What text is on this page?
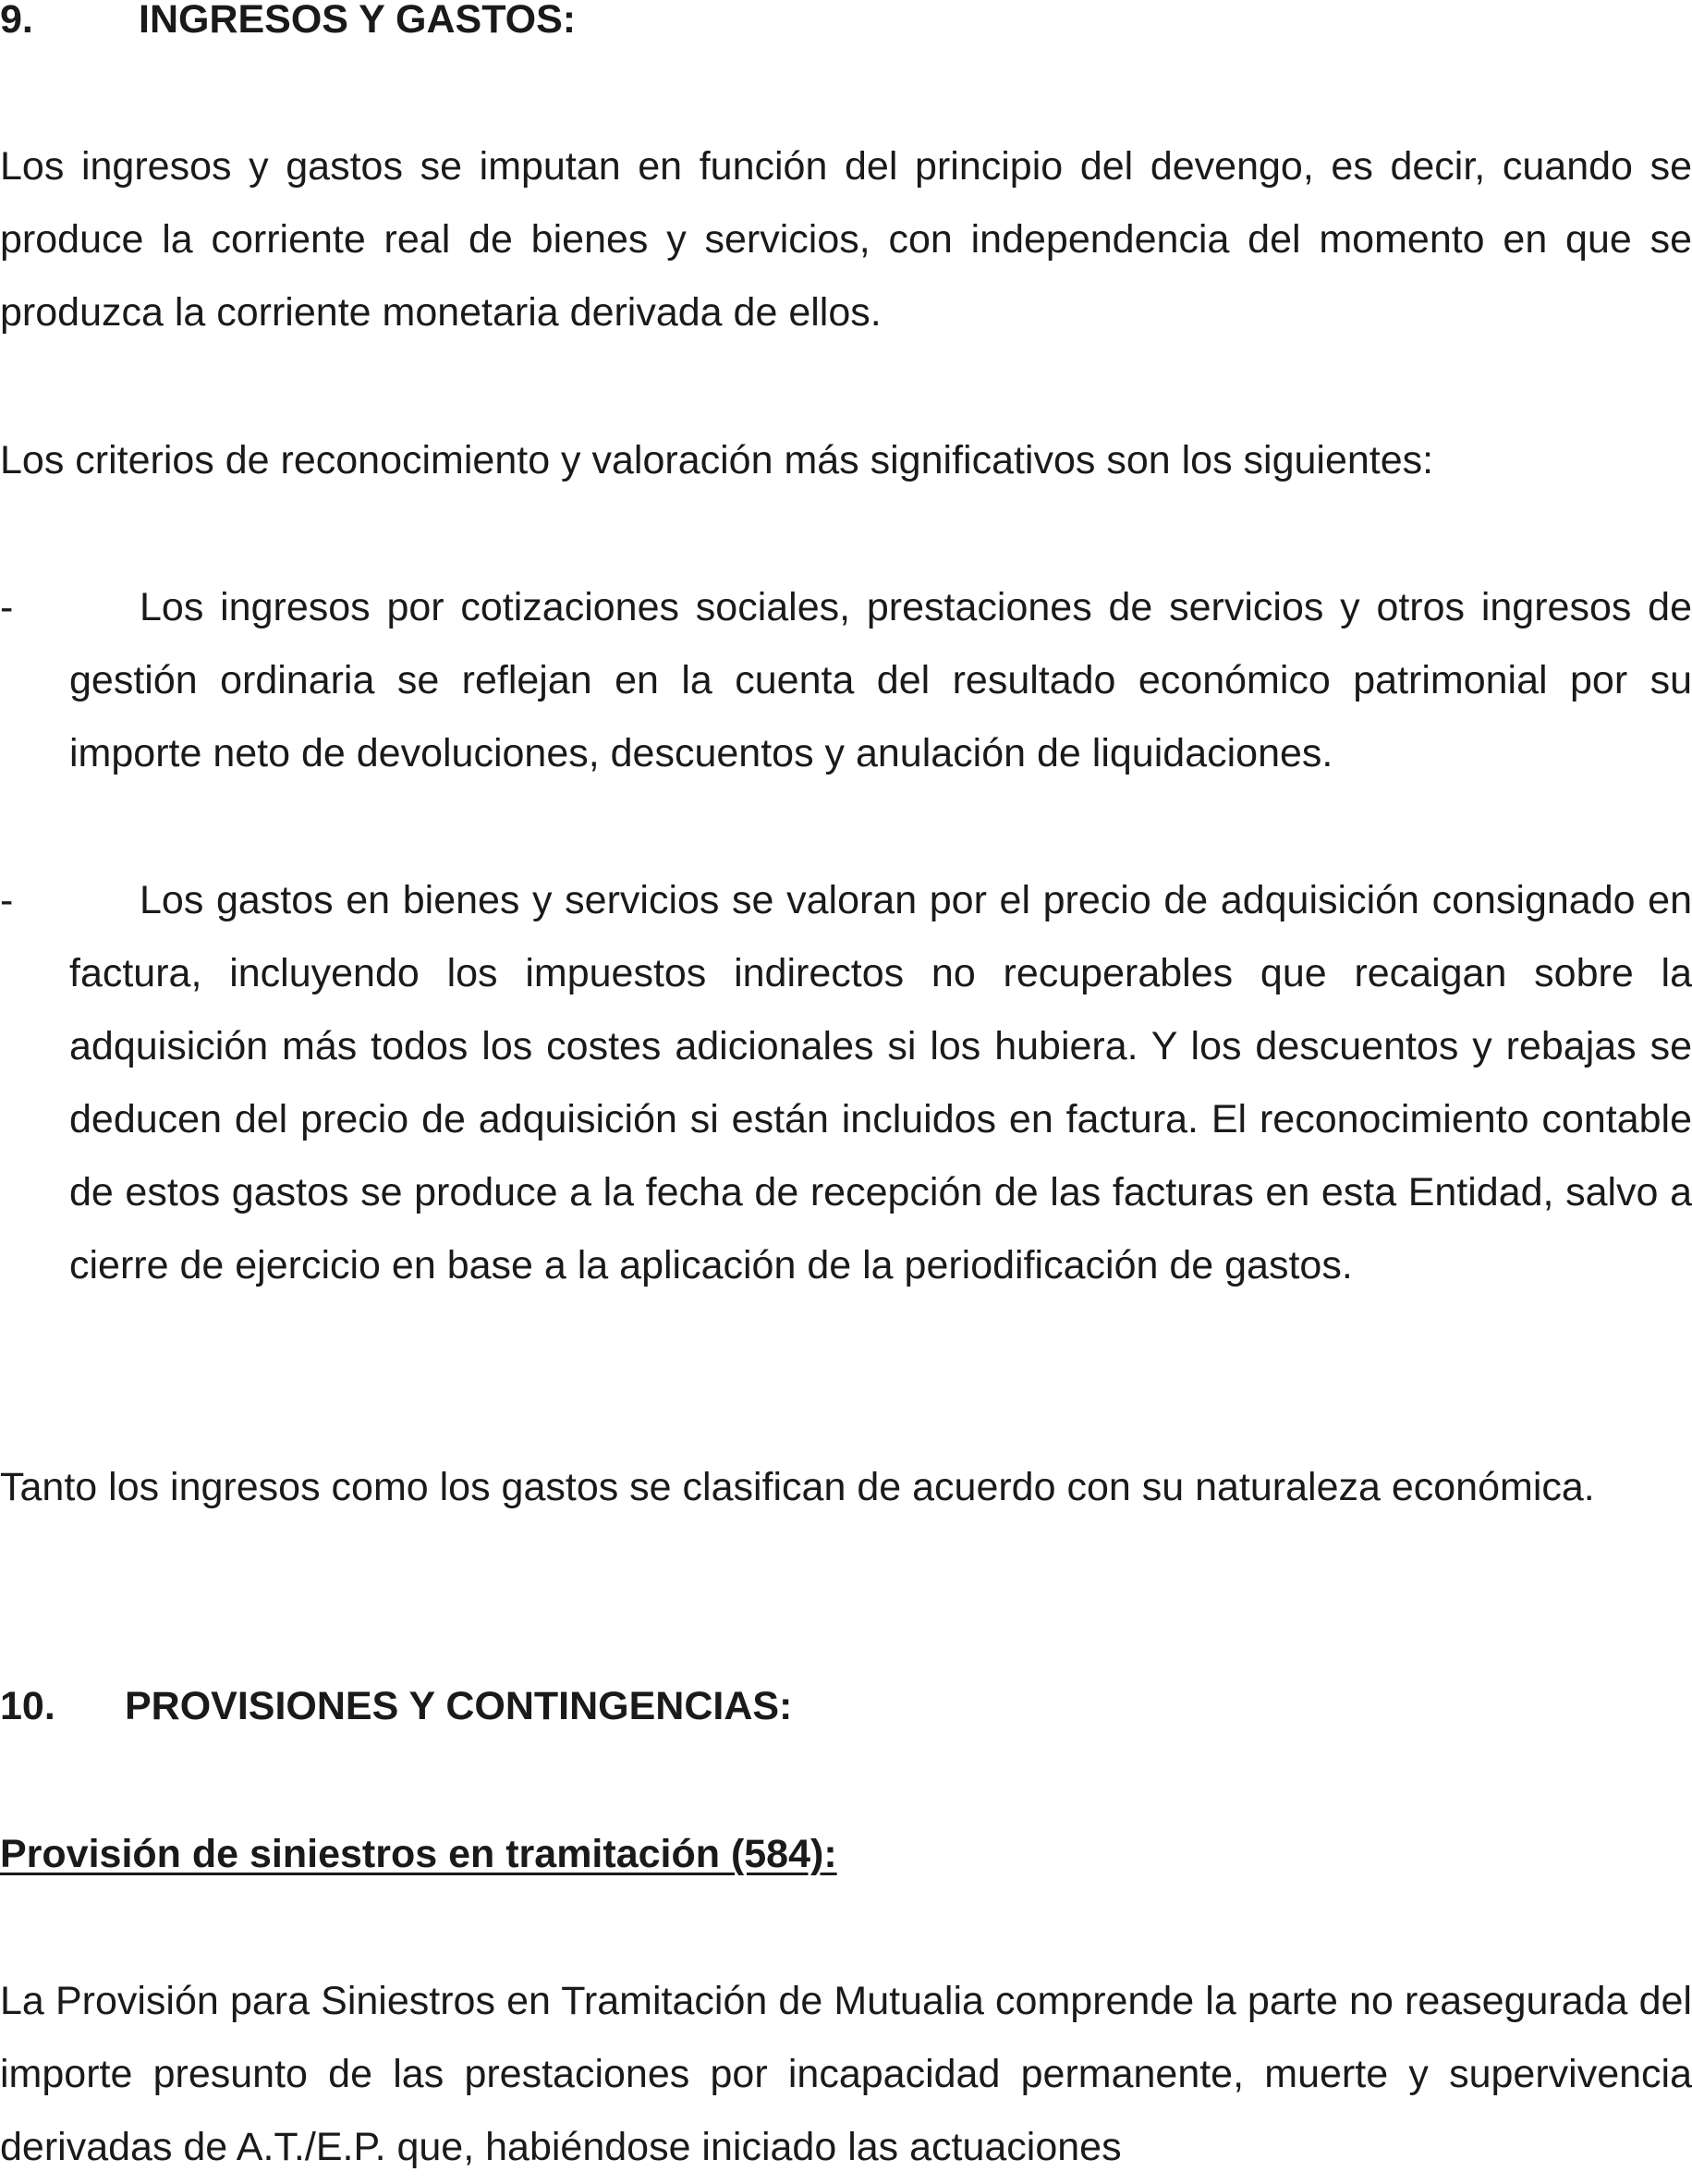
9.	INGRESOS Y GASTOS:
Los ingresos y gastos se imputan en función del principio del devengo, es decir, cuando se produce la corriente real de bienes y servicios, con independencia del momento en que se produzca la corriente monetaria derivada de ellos.
Los criterios de reconocimiento y valoración más significativos son los siguientes:
-	Los ingresos por cotizaciones sociales, prestaciones de servicios y otros ingresos de gestión ordinaria se reflejan en la cuenta del resultado económico patrimonial por su importe neto de devoluciones, descuentos y anulación de liquidaciones.
-	Los gastos en bienes y servicios se valoran por el precio de adquisición consignado en factura, incluyendo los impuestos indirectos no recuperables que recaigan sobre la adquisición más todos los costes adicionales si los hubiera. Y los descuentos y rebajas se deducen del precio de adquisición si están incluidos en factura. El reconocimiento contable de estos gastos se produce a la fecha de recepción de las facturas en esta Entidad, salvo a cierre de ejercicio en base a la aplicación de la periodificación de gastos.
Tanto los ingresos como los gastos se clasifican de acuerdo con su naturaleza económica.
10. PROVISIONES Y CONTINGENCIAS:
Provisión de siniestros en tramitación (584):
La Provisión para Siniestros en Tramitación de Mutualia comprende la parte no reasegurada del importe presunto de las prestaciones por incapacidad permanente, muerte y supervivencia derivadas de A.T./E.P. que, habiéndose iniciado las actuaciones
